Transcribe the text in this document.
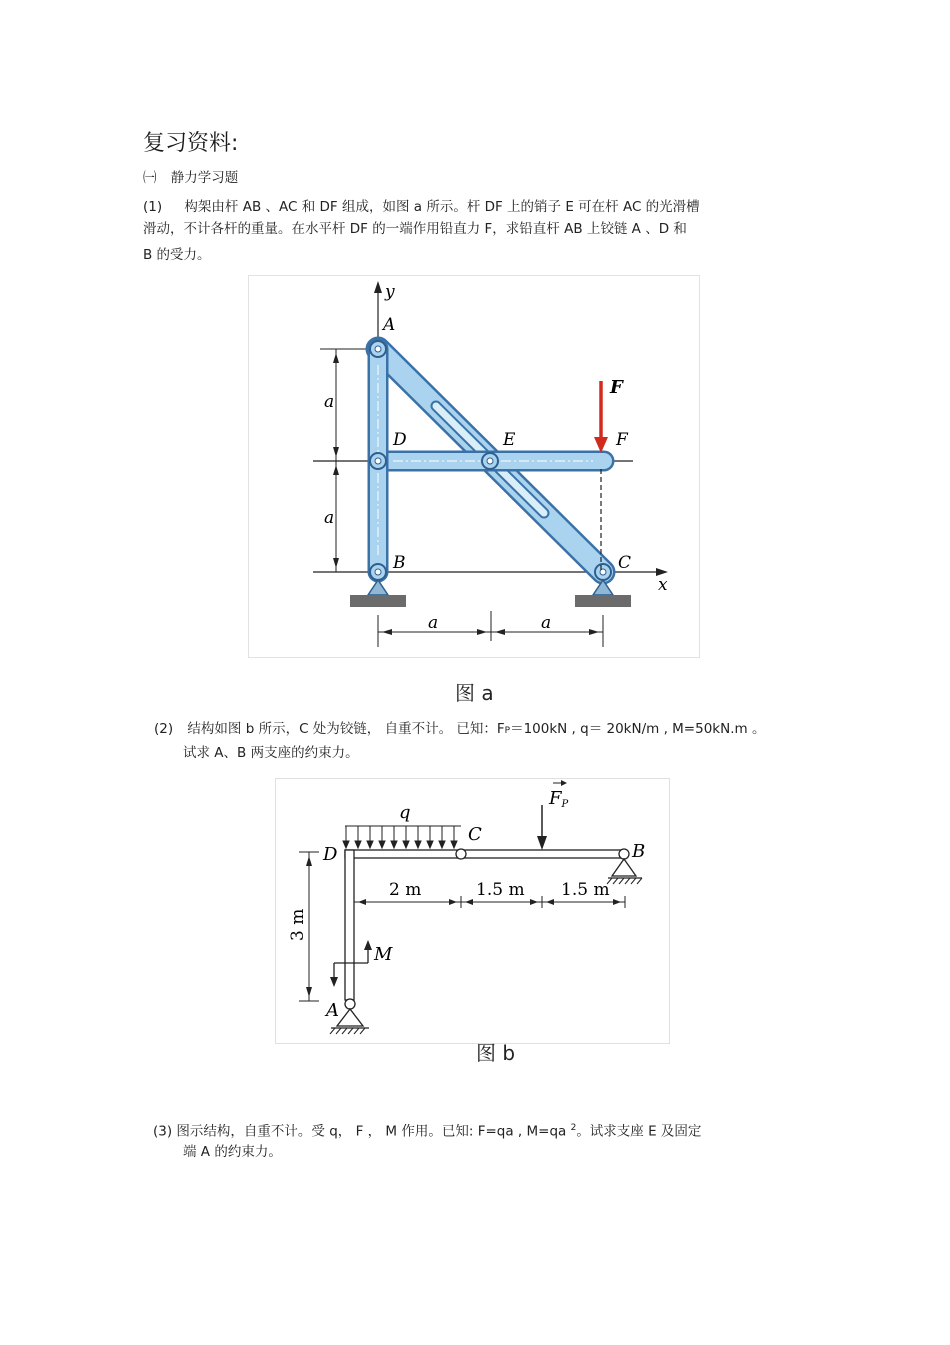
复习资料:
㈠ 静力学习题
(1) 构架由杆 AB 、AC 和 DF 组成，如图 a 所示。杆 DF 上的销子 E 可在杆 AC 的光滑槽
滑动，不计各杆的重量。在水平杆 DF 的一端作用铅直力 F，求铅直杆 AB 上铰链 A 、D 和
B 的受力。
y
x
A
D	E	F
B	C
F
a
a
a	a
图 a
(2) 结构如图 b 所示，C 处为铰链， 自重不计。 已知：FP＝100kN , q＝ 20kN/m , M=50kN.m 。
试求 A、B 两支座的约束力。
q
C
D	B
A
M
FP
2 m	1.5 m 1.5 m
3 m
图 b
(3) 图示结构，自重不计。受 q， F ， M 作用。已知: F=qa , M=qa $^2$。试求支座 E 及固定
端 A 的约束力。
